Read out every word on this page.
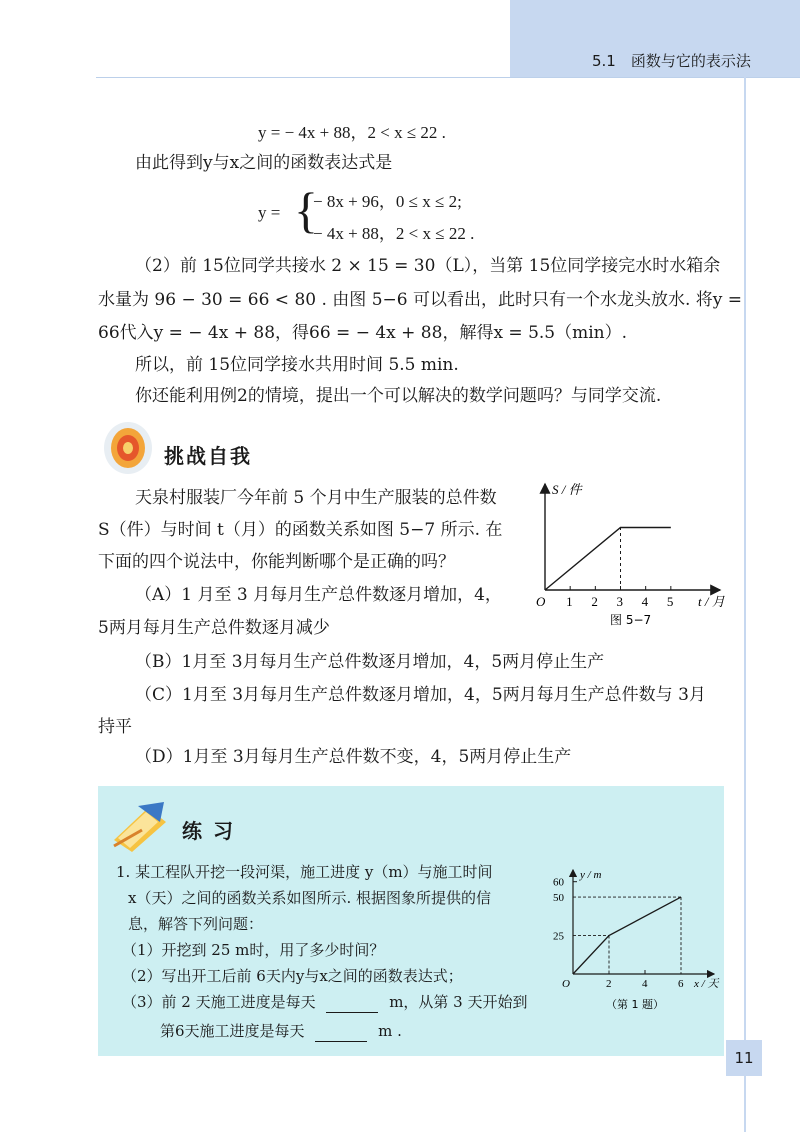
5.1　函数与它的表示法
y = − 4x + 88，2 < x ≤ 22 .
由此得到y与x之间的函数表达式是
y = {
− 8x + 96，0 ≤ x ≤ 2;
− 4x + 88，2 < x ≤ 22 .
（2）前 15位同学共接水 2 × 15 = 30（L），当第 15位同学接完水时水箱余
水量为 96 − 30 = 66 < 80 . 由图 5−6 可以看出，此时只有一个水龙头放水. 将y =
66代入y = − 4x + 88，得66 = − 4x + 88，解得x = 5.5（min）.
所以，前 15位同学接水共用时间 5.5 min.
你还能利用例2的情境，提出一个可以解决的数学问题吗？与同学交流.
挑战自我
天泉村服装厂今年前 5 个月中生产服装的总件数
S（件）与时间 t（月）的函数关系如图 5−7 所示. 在
下面的四个说法中，你能判断哪个是正确的吗？
（A）1 月至 3 月每月生产总件数逐月增加，4，
5两月每月生产总件数逐月减少
（B）1月至 3月每月生产总件数逐月增加，4，5两月停止生产
（C）1月至 3月每月生产总件数逐月增加，4，5两月每月生产总件数与 3月
持平
（D）1月至 3月每月生产总件数不变，4，5两月停止生产
1 2 3 4 5
S / 件
O	t / 月
图 5−7
练 习
1. 某工程队开挖一段河渠，施工进度 y（m）与施工时间
x（天）之间的函数关系如图所示. 根据图象所提供的信
息，解答下列问题：
（1）开挖到 25 m时，用了多少时间？
（2）写出开工后前 6天内y与x之间的函数表达式；
（3）前 2 天施工进度是每天	m，从第 3 天开始到
第6天施工进度是每天	m .
60
50
25
2	4	6
y / m
O	x / 天
（第 1 题）
11
